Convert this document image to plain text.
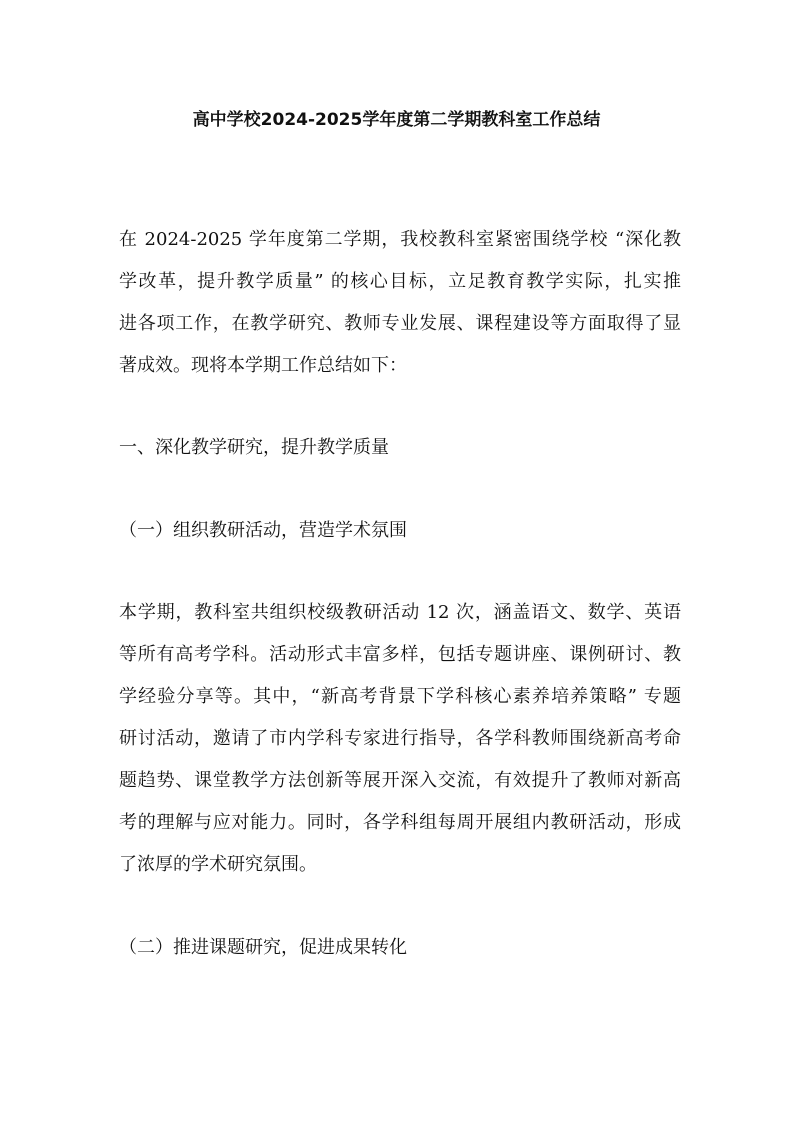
高中学校2024-2025学年度第二学期教科室工作总结
在 2024-2025 学年度第二学期，我校教科室紧密围绕学校 “深化教
学改革，提升教学质量” 的核心目标，立足教育教学实际，扎实推
进各项工作，在教学研究、教师专业发展、课程建设等方面取得了显
著成效。现将本学期工作总结如下：
一、深化教学研究，提升教学质量
（一）组织教研活动，营造学术氛围
本学期，教科室共组织校级教研活动 12 次，涵盖语文、数学、英语
等所有高考学科。活动形式丰富多样，包括专题讲座、课例研讨、教
学经验分享等。其中，“新高考背景下学科核心素养培养策略” 专题
研讨活动，邀请了市内学科专家进行指导，各学科教师围绕新高考命
题趋势、课堂教学方法创新等展开深入交流，有效提升了教师对新高
考的理解与应对能力。同时，各学科组每周开展组内教研活动，形成
了浓厚的学术研究氛围。
（二）推进课题研究，促进成果转化
